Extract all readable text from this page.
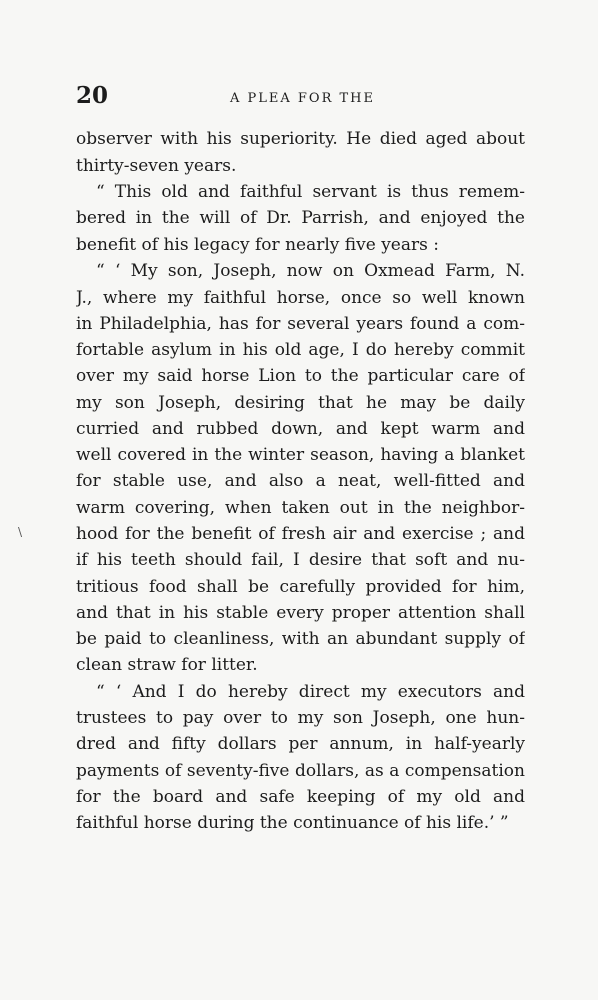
20	A PLEA FOR THE
\
observer with his superiority. He died aged about
thirty-seven years.
“ This old and faithful servant is thus remem-
bered in the will of Dr. Parrish, and enjoyed the
benefit of his legacy for nearly five years :
“ ‘ My son, Joseph, now on Oxmead Farm, N.
J., where my faithful horse, once so well known
in Philadelphia, has for several years found a com-
fortable asylum in his old age, I do hereby commit
over my said horse Lion to the particular care of
my son Joseph, desiring that he may be daily
curried and rubbed down, and kept warm and
well covered in the winter season, having a blanket
for stable use, and also a neat, well-fitted and
warm covering, when taken out in the neighbor-
hood for the benefit of fresh air and exercise ; and
if his teeth should fail, I desire that soft and nu-
tritious food shall be carefully provided for him,
and that in his stable every proper attention shall
be paid to cleanliness, with an abundant supply of
clean straw for litter.
“ ‘ And I do hereby direct my executors and
trustees to pay over to my son Joseph, one hun-
dred and fifty dollars per annum, in half-yearly
payments of seventy-five dollars, as a compensation
for the board and safe keeping of my old and
faithful horse during the continuance of his life.’ ”
